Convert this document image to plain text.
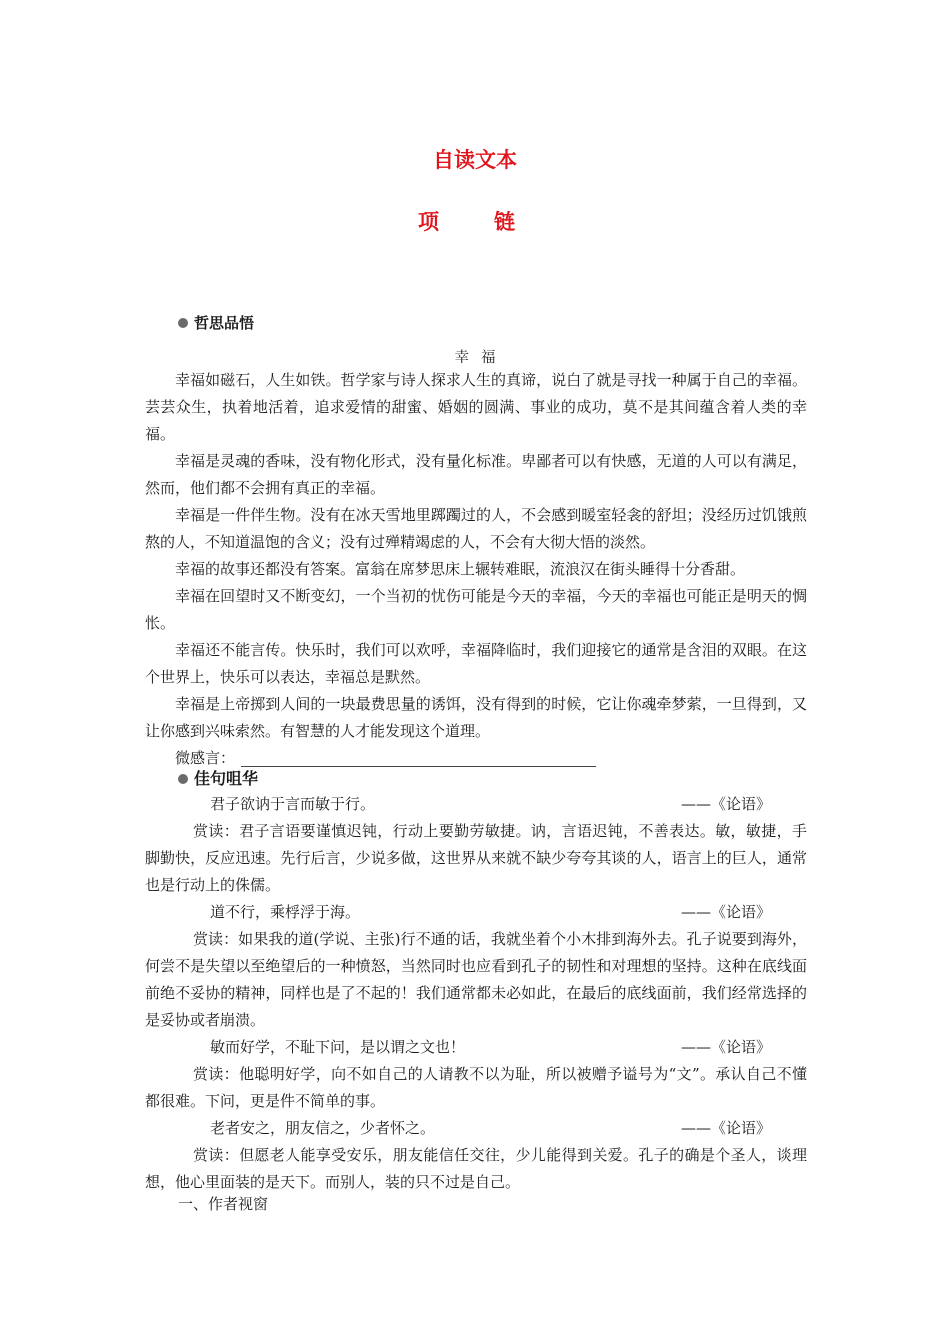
自读文本
项　链
哲思品悟
幸福

幸福如磁石，人生如铁。哲学家与诗人探求人生的真谛，说白了就是寻找一种属于自己的幸福。芸芸众生，执着地活着，追求爱情的甜蜜、婚姻的圆满、事业的成功，莫不是其间蕴含着人类的幸福。

幸福是灵魂的香味，没有物化形式，没有量化标准。卑鄙者可以有快感，无道的人可以有满足，然而，他们都不会拥有真正的幸福。

幸福是一件伴生物。没有在冰天雪地里踯躅过的人，不会感到暖室轻衾的舒坦；没经历过饥饿煎熬的人，不知道温饱的含义；没有过殚精竭虑的人，不会有大彻大悟的淡然。

幸福的故事还都没有答案。富翁在席梦思床上辗转难眠，流浪汉在街头睡得十分香甜。

幸福在回望时又不断变幻，一个当初的忧伤可能是今天的幸福，今天的幸福也可能正是明天的惆怅。

幸福还不能言传。快乐时，我们可以欢呼，幸福降临时，我们迎接它的通常是含泪的双眼。在这个世界上，快乐可以表达，幸福总是默然。

幸福是上帝掷到人间的一块最费思量的诱饵，没有得到的时候，它让你魂牵梦萦，一旦得到，又让你感到兴味索然。有智慧的人才能发现这个道理。

微感言：

佳句咀华

君子欲讷于言而敏于行。	——《论语》

赏读：君子言语要谨慎迟钝，行动上要勤劳敏捷。讷，言语迟钝，不善表达。敏，敏捷，手脚勤快，反应迅速。先行后言，少说多做，这世界从来就不缺少夸夸其谈的人，语言上的巨人，通常也是行动上的侏儒。

道不行，乘桴浮于海。	——《论语》

赏读：如果我的道(学说、主张)行不通的话，我就坐着个小木排到海外去。孔子说要到海外，何尝不是失望以至绝望后的一种愤怒，当然同时也应看到孔子的韧性和对理想的坚持。这种在底线面前绝不妥协的精神，同样也是了不起的！我们通常都未必如此，在最后的底线面前，我们经常选择的是妥协或者崩溃。

敏而好学，不耻下问，是以谓之文也！	——《论语》

赏读：他聪明好学，向不如自己的人请教不以为耻，所以被赠予谥号为“文”。承认自己不懂都很难。下问，更是件不简单的事。

老者安之，朋友信之，少者怀之。	——《论语》

赏读：但愿老人能享受安乐，朋友能信任交往，少儿能得到关爱。孔子的确是个圣人，谈理想，他心里面装的是天下。而别人，装的只不过是自己。

一、作者视窗
